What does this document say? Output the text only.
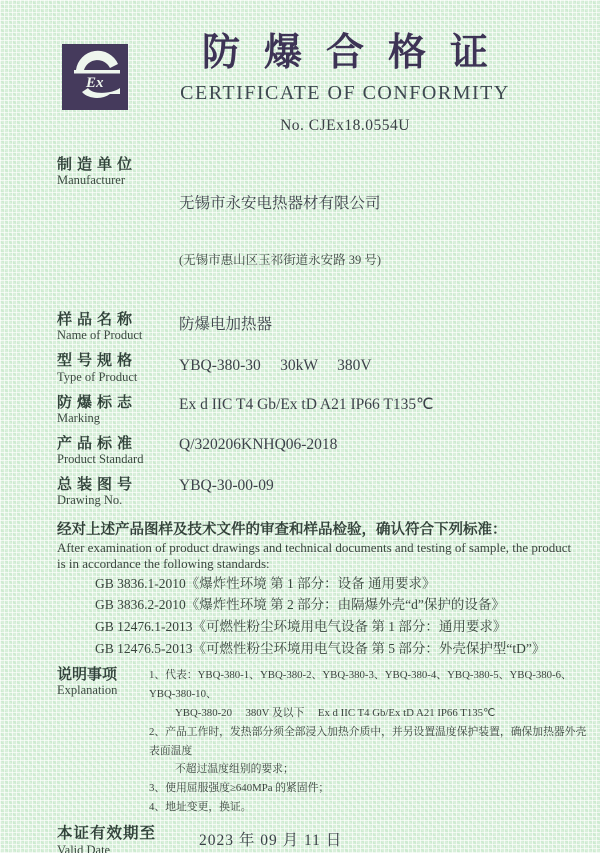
Ex
防爆合格证
CERTIFICATE OF CONFORMITY
No. CJEx18.0554U
制造单位
Manufacturer

无锡市永安电热器材有限公司

(无锡市惠山区玉祁街道永安路 39 号)

样品名称
Name of Product
防爆电加热器
型号规格
Type of Product
YBQ-380-30　 30kW　 380V
防爆标志
Marking
Ex d IIC T4 Gb/Ex tD A21 IP66 T135℃
产品标准
Product Standard
Q/320206KNHQ06-2018
总装图号
Drawing No.
YBQ-30-00-09
经对上述产品图样及技术文件的审查和样品检验，确认符合下列标准：
After examination of product drawings and technical documents and testing of sample, the product
is in accordance the following standards:
GB 3836.1-2010《爆炸性环境 第 1 部分：设备 通用要求》
GB 3836.2-2010《爆炸性环境 第 2 部分：由隔爆外壳“d”保护的设备》
GB 12476.1-2013《可燃性粉尘环境用电气设备 第 1 部分：通用要求》
GB 12476.5-2013《可燃性粉尘环境用电气设备 第 5 部分：外壳保护型“tD”》
说明事项
Explanation
1、代表：YBQ-380-1、YBQ-380-2、YBQ-380-3、YBQ-380-4、YBQ-380-5、YBQ-380-6、YBQ-380-10、
YBQ-380-20　 380V 及以下　 Ex d IIC T4 Gb/Ex tD A21 IP66 T135℃
2、产品工作时，发热部分须全部浸入加热介质中，并另设置温度保护装置，确保加热器外壳表面温度
不超过温度组别的要求；
3、使用屈服强度≥640MPa 的紧固件；
4、地址变更，换证。
本证有效期至
Valid Date
2023 年 09 月 11 日
